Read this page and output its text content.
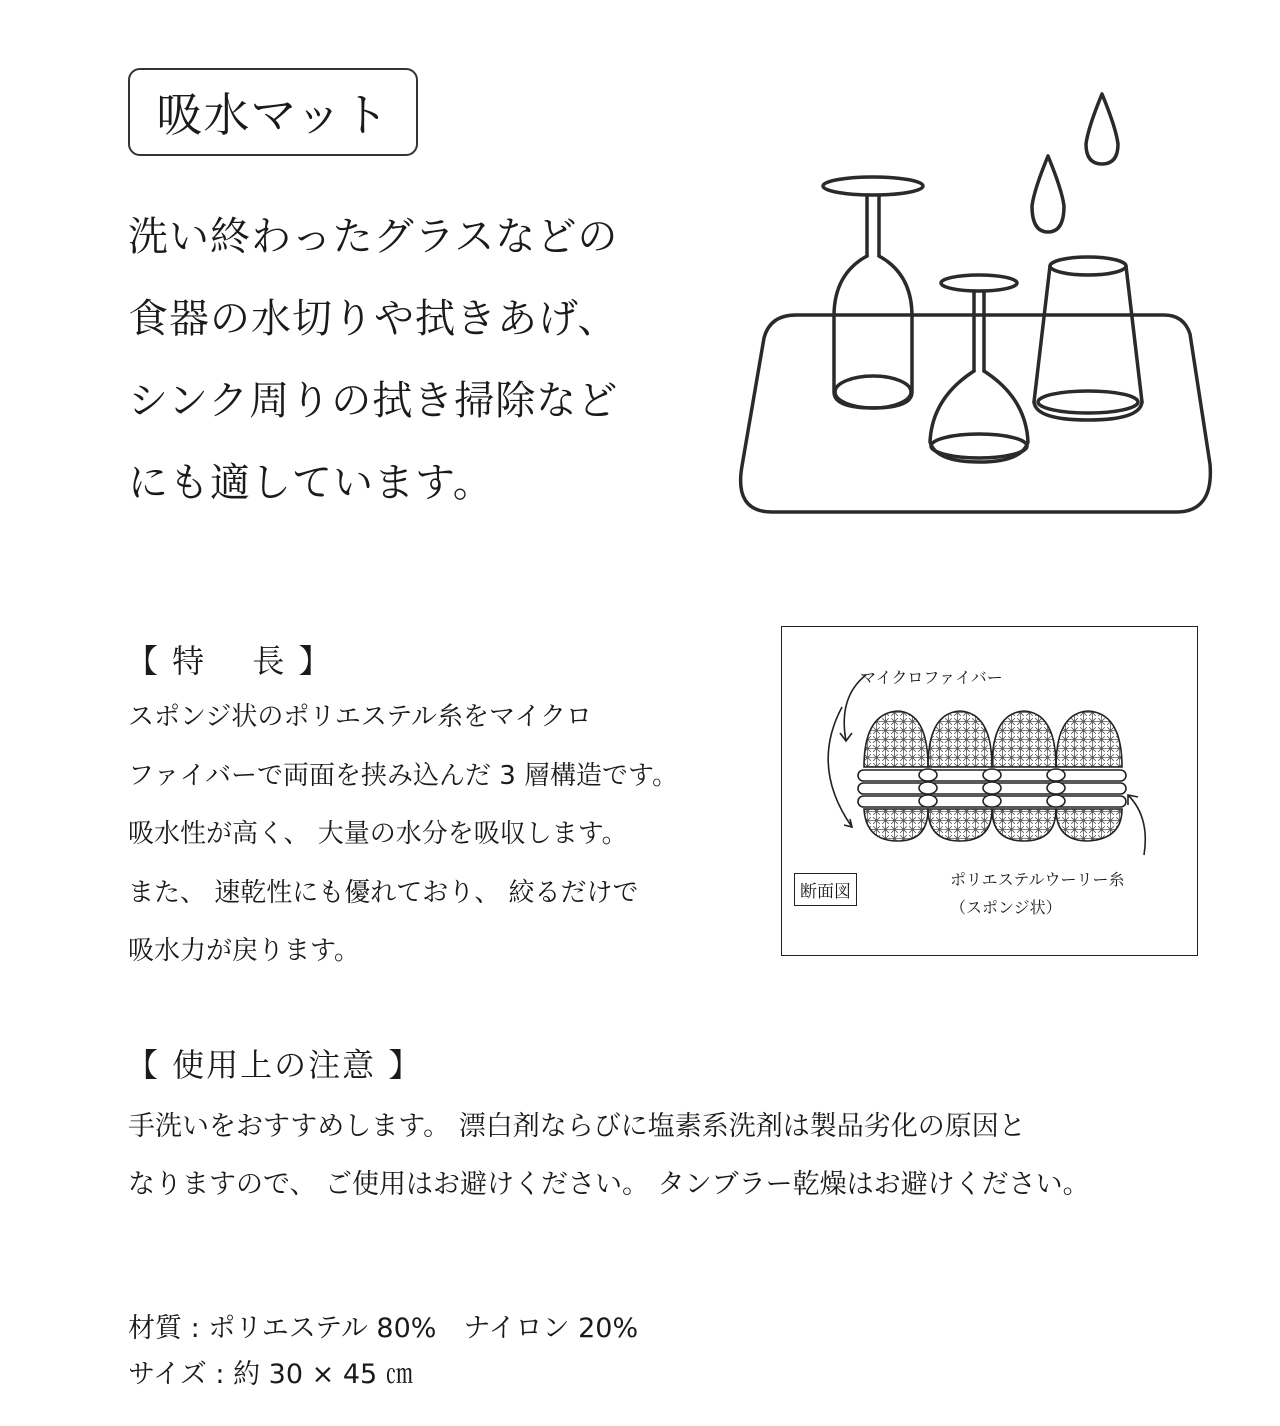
吸水マット
洗い終わったグラスなどの
食器の水切りや拭きあげ、
シンク周りの拭き掃除など
にも適しています。
【 特　 長 】
スポンジ状のポリエステル糸をマイクロ
ファイバーで両面を挟み込んだ 3 層構造です。
吸水性が高く、 大量の水分を吸収します。
また、 速乾性にも優れており、 絞るだけで
吸水力が戻ります。
マイクロファイバー
断面図
ポリエステルウーリー糸
（スポンジ状）
【 使用上の注意 】
手洗いをおすすめします。 漂白剤ならびに塩素系洗剤は製品劣化の原因と
なりますので、 ご使用はお避けください。 タンブラー乾燥はお避けください。
材質 : ポリエステル 80%　ナイロン 20%
サイズ : 約 30 × 45 ㎝
